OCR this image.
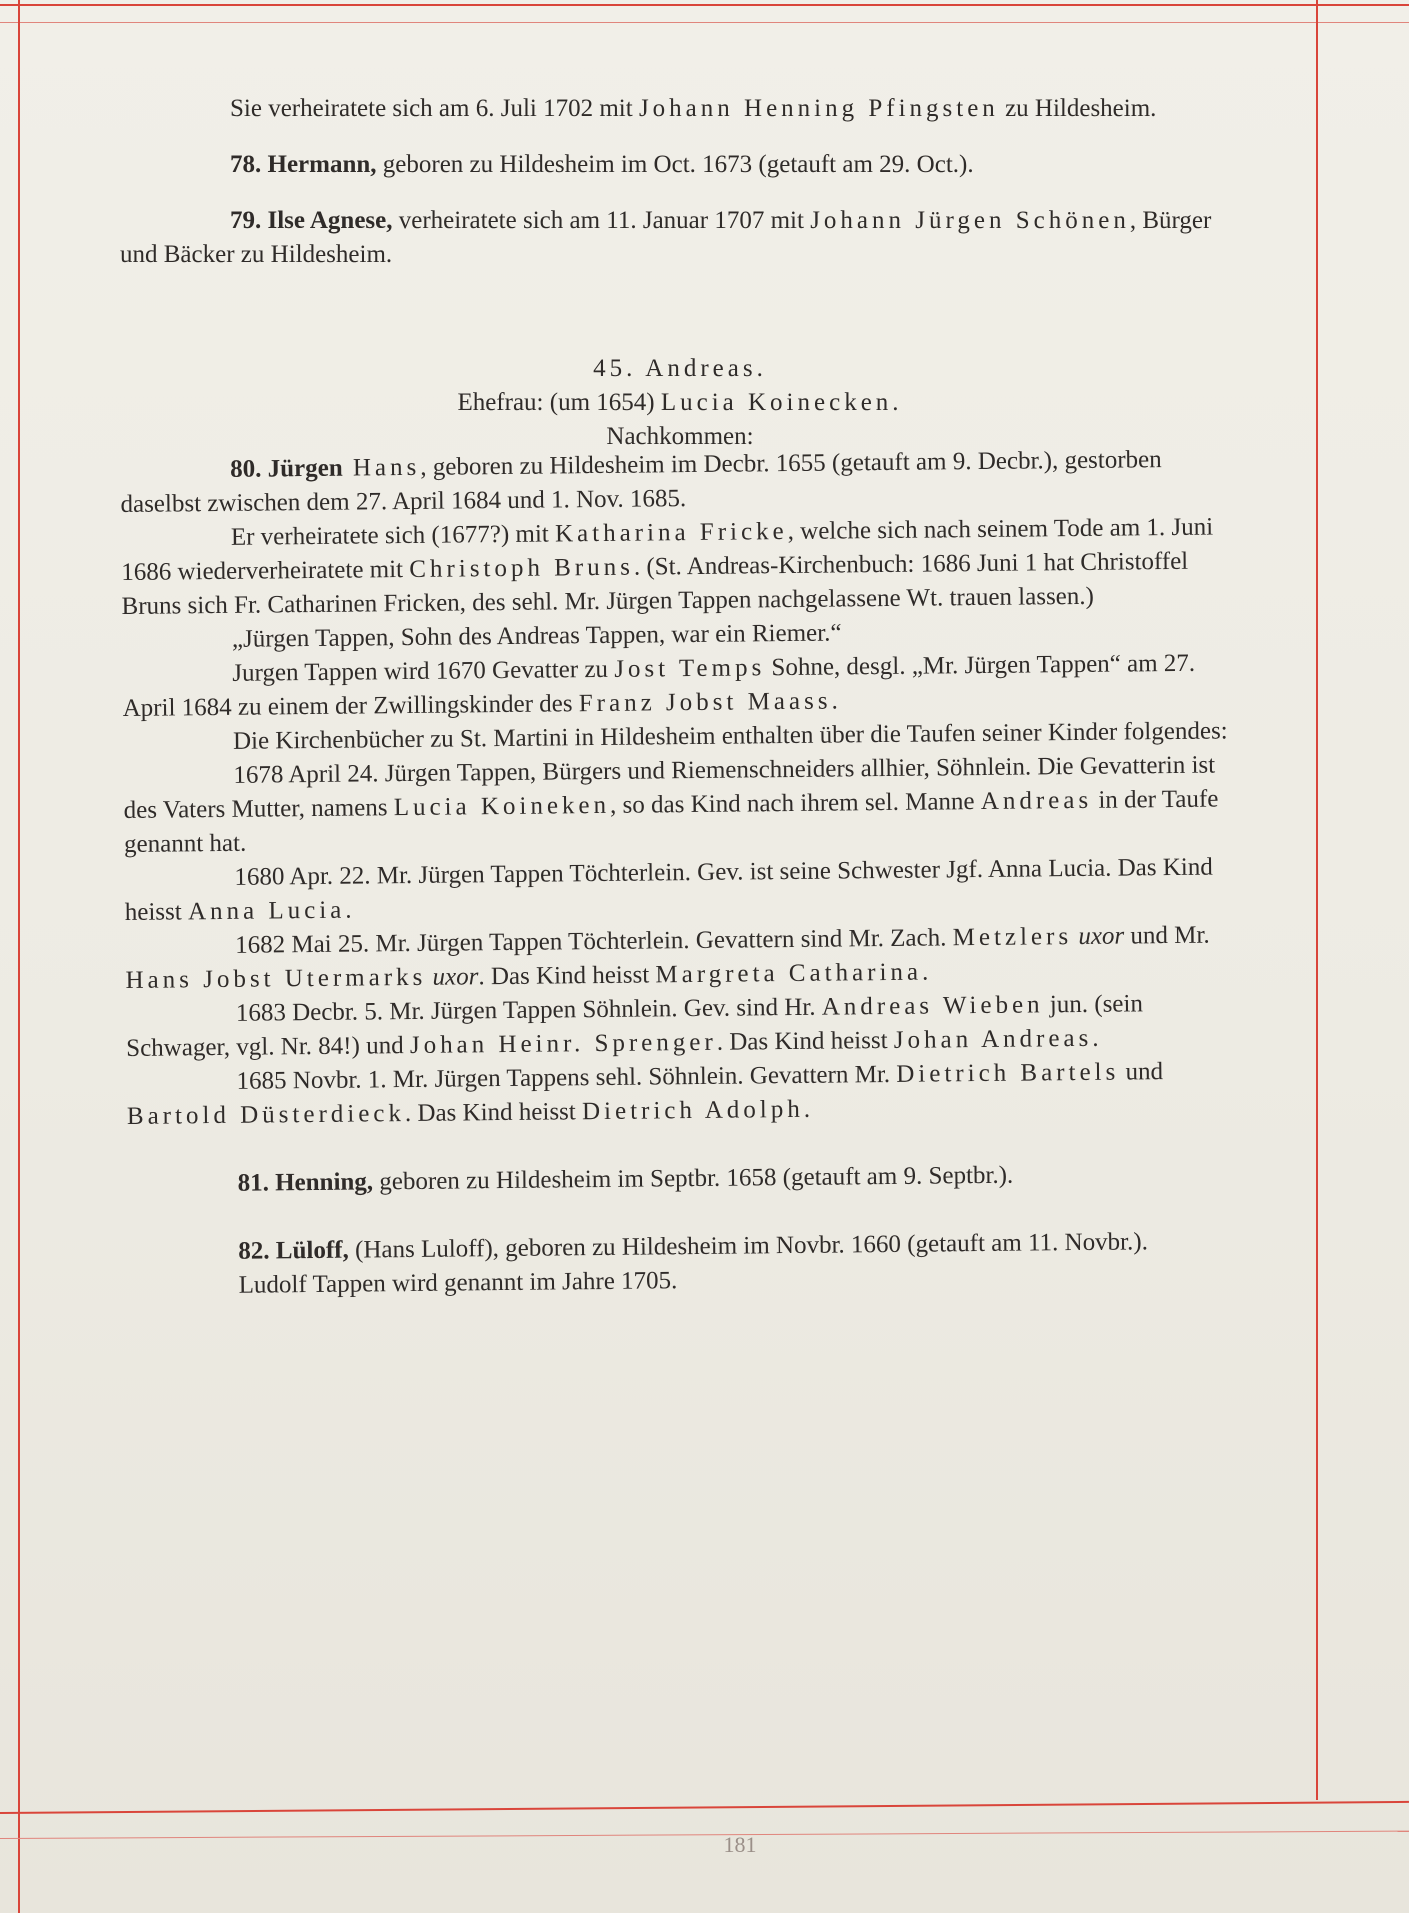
Sie verheiratete sich am 6. Juli 1702 mit Johann Henning Pfingsten zu Hildesheim.

78. Hermann, geboren zu Hildesheim im Oct. 1673 (getauft am 29. Oct.).

79. Ilse Agnese, verheiratete sich am 11. Januar 1707 mit Johann Jürgen Schönen, Bürger und Bäcker zu Hildesheim.

45. Andreas.

Ehefrau: (um 1654) Lucia Koinecken.

Nachkommen:

80. Jürgen Hans, geboren zu Hildesheim im Decbr. 1655 (getauft am 9. Decbr.), gestorben daselbst zwischen dem 27. April 1684 und 1. Nov. 1685.

Er verheiratete sich (1677?) mit Katharina Fricke, welche sich nach seinem Tode am 1. Juni 1686 wiederverheiratete mit Christoph Bruns. (St. Andreas-Kirchenbuch: 1686 Juni 1 hat Christoffel Bruns sich Fr. Catharinen Fricken, des sehl. Mr. Jürgen Tappen nachgelassene Wt. trauen lassen.)

„Jürgen Tappen, Sohn des Andreas Tappen, war ein Riemer.“

Jurgen Tappen wird 1670 Gevatter zu Jost Temps Sohne, desgl. „Mr. Jürgen Tappen“ am 27. April 1684 zu einem der Zwillingskinder des Franz Jobst Maass.

Die Kirchenbücher zu St. Martini in Hildesheim enthalten über die Taufen seiner Kinder folgendes:

1678 April 24. Jürgen Tappen, Bürgers und Riemenschneiders allhier, Söhnlein. Die Gevatterin ist des Vaters Mutter, namens Lucia Koineken, so das Kind nach ihrem sel. Manne Andreas in der Taufe genannt hat.

1680 Apr. 22. Mr. Jürgen Tappen Töchterlein. Gev. ist seine Schwester Jgf. Anna Lucia. Das Kind heisst Anna Lucia.

1682 Mai 25. Mr. Jürgen Tappen Töchterlein. Gevattern sind Mr. Zach. Metzlers uxor und Mr. Hans Jobst Utermarks uxor. Das Kind heisst Margreta Catharina.

1683 Decbr. 5. Mr. Jürgen Tappen Söhnlein. Gev. sind Hr. Andreas Wieben jun. (sein Schwager, vgl. Nr. 84!) und Johan Heinr. Sprenger. Das Kind heisst Johan Andreas.

1685 Novbr. 1. Mr. Jürgen Tappens sehl. Söhnlein. Gevattern Mr. Dietrich Bartels und Bartold Düsterdieck. Das Kind heisst Dietrich Adolph.

81. Henning, geboren zu Hildesheim im Septbr. 1658 (getauft am 9. Septbr.).

82. Lüloff, (Hans Luloff), geboren zu Hildesheim im Novbr. 1660 (getauft am 11. Novbr.).

Ludolf Tappen wird genannt im Jahre 1705.

181
